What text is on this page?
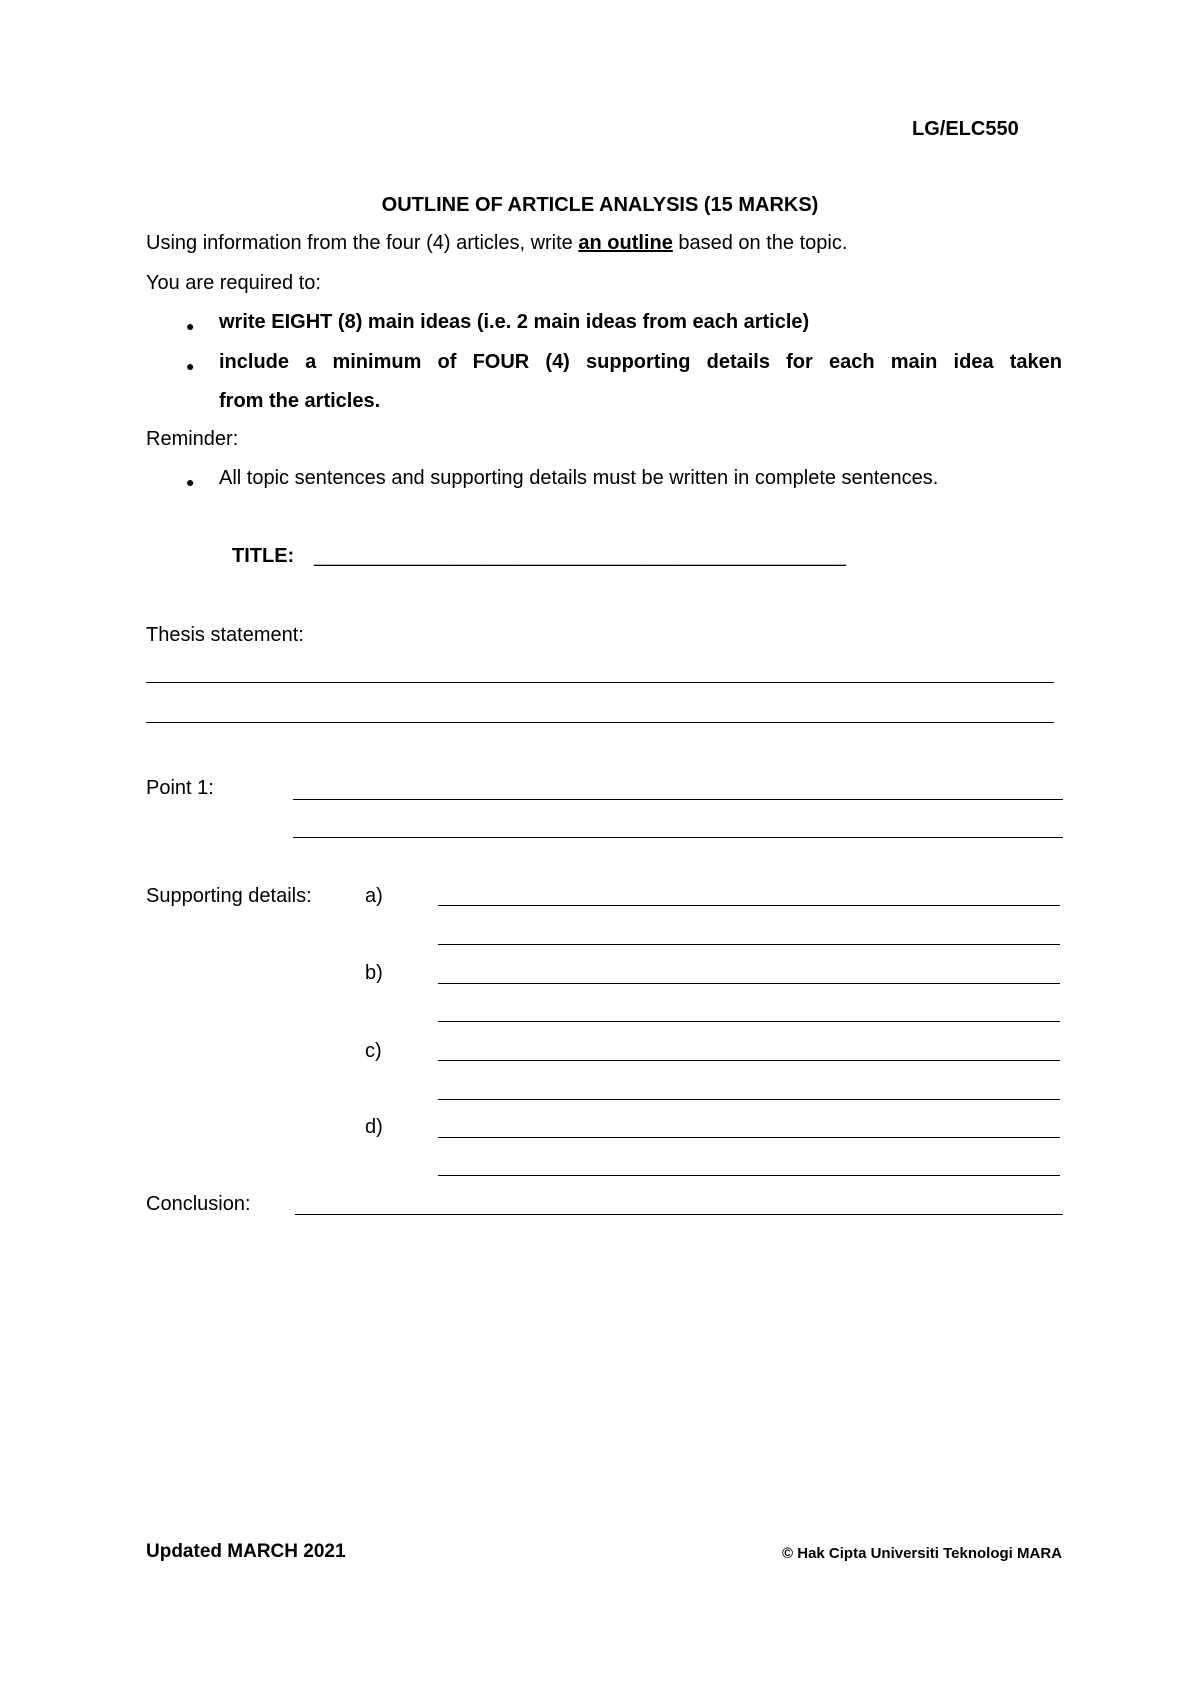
LG/ELC550
OUTLINE OF ARTICLE ANALYSIS (15 MARKS)
Using information from the four (4) articles, write an outline based on the topic.
You are required to:
● write EIGHT (8) main ideas (i.e. 2 main ideas from each article)
● include a minimum of FOUR (4) supporting details for each main idea taken
from the articles.
Reminder:
● All topic sentences and supporting details must be written in complete sentences.
TITLE: _______________________________________________
Thesis statement:
Point 1:
Supporting details:	a)
b)
c)
d)
Conclusion:
Updated MARCH 2021	© Hak Cipta Universiti Teknologi MARA
